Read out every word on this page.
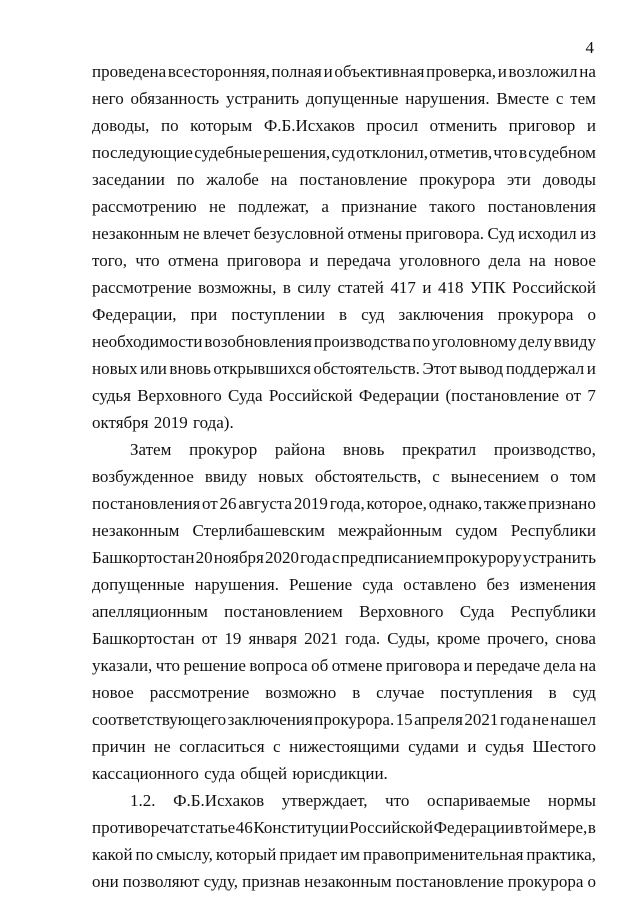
4
проведена всесторонняя, полная и объективная проверка, и возложил на
него обязанность устранить допущенные нарушения. Вместе с тем
доводы, по которым Ф.Б.Исхаков просил отменить приговор и
последующие судебные решения, суд отклонил, отметив, что в судебном
заседании по жалобе на постановление прокурора эти доводы
рассмотрению не подлежат, а признание такого постановления
незаконным не влечет безусловной отмены приговора. Суд исходил из
того, что отмена приговора и передача уголовного дела на новое
рассмотрение возможны, в силу статей 417 и 418 УПК Российской
Федерации, при поступлении в суд заключения прокурора о
необходимости возобновления производства по уголовному делу ввиду
новых или вновь открывшихся обстоятельств. Этот вывод поддержал и
судья Верховного Суда Российской Федерации (постановление от 7
октября 2019 года).
Затем прокурор района вновь прекратил производство,
возбужденное ввиду новых обстоятельств, с вынесением о том
постановления от 26 августа 2019 года, которое, однако, также признано
незаконным Стерлибашевским межрайонным судом Республики
Башкортостан 20 ноября 2020 года с предписанием прокурору устранить
допущенные нарушения. Решение суда оставлено без изменения
апелляционным постановлением Верховного Суда Республики
Башкортостан от 19 января 2021 года. Суды, кроме прочего, снова
указали, что решение вопроса об отмене приговора и передаче дела на
новое рассмотрение возможно в случае поступления в суд
соответствующего заключения прокурора. 15 апреля 2021 года не нашел
причин не согласиться с нижестоящими судами и судья Шестого
кассационного суда общей юрисдикции.
1.2. Ф.Б.Исхаков утверждает, что оспариваемые нормы
противоречат статье 46 Конституции Российской Федерации в той мере, в
какой по смыслу, который придает им правоприменительная практика,
они позволяют суду, признав незаконным постановление прокурора о
